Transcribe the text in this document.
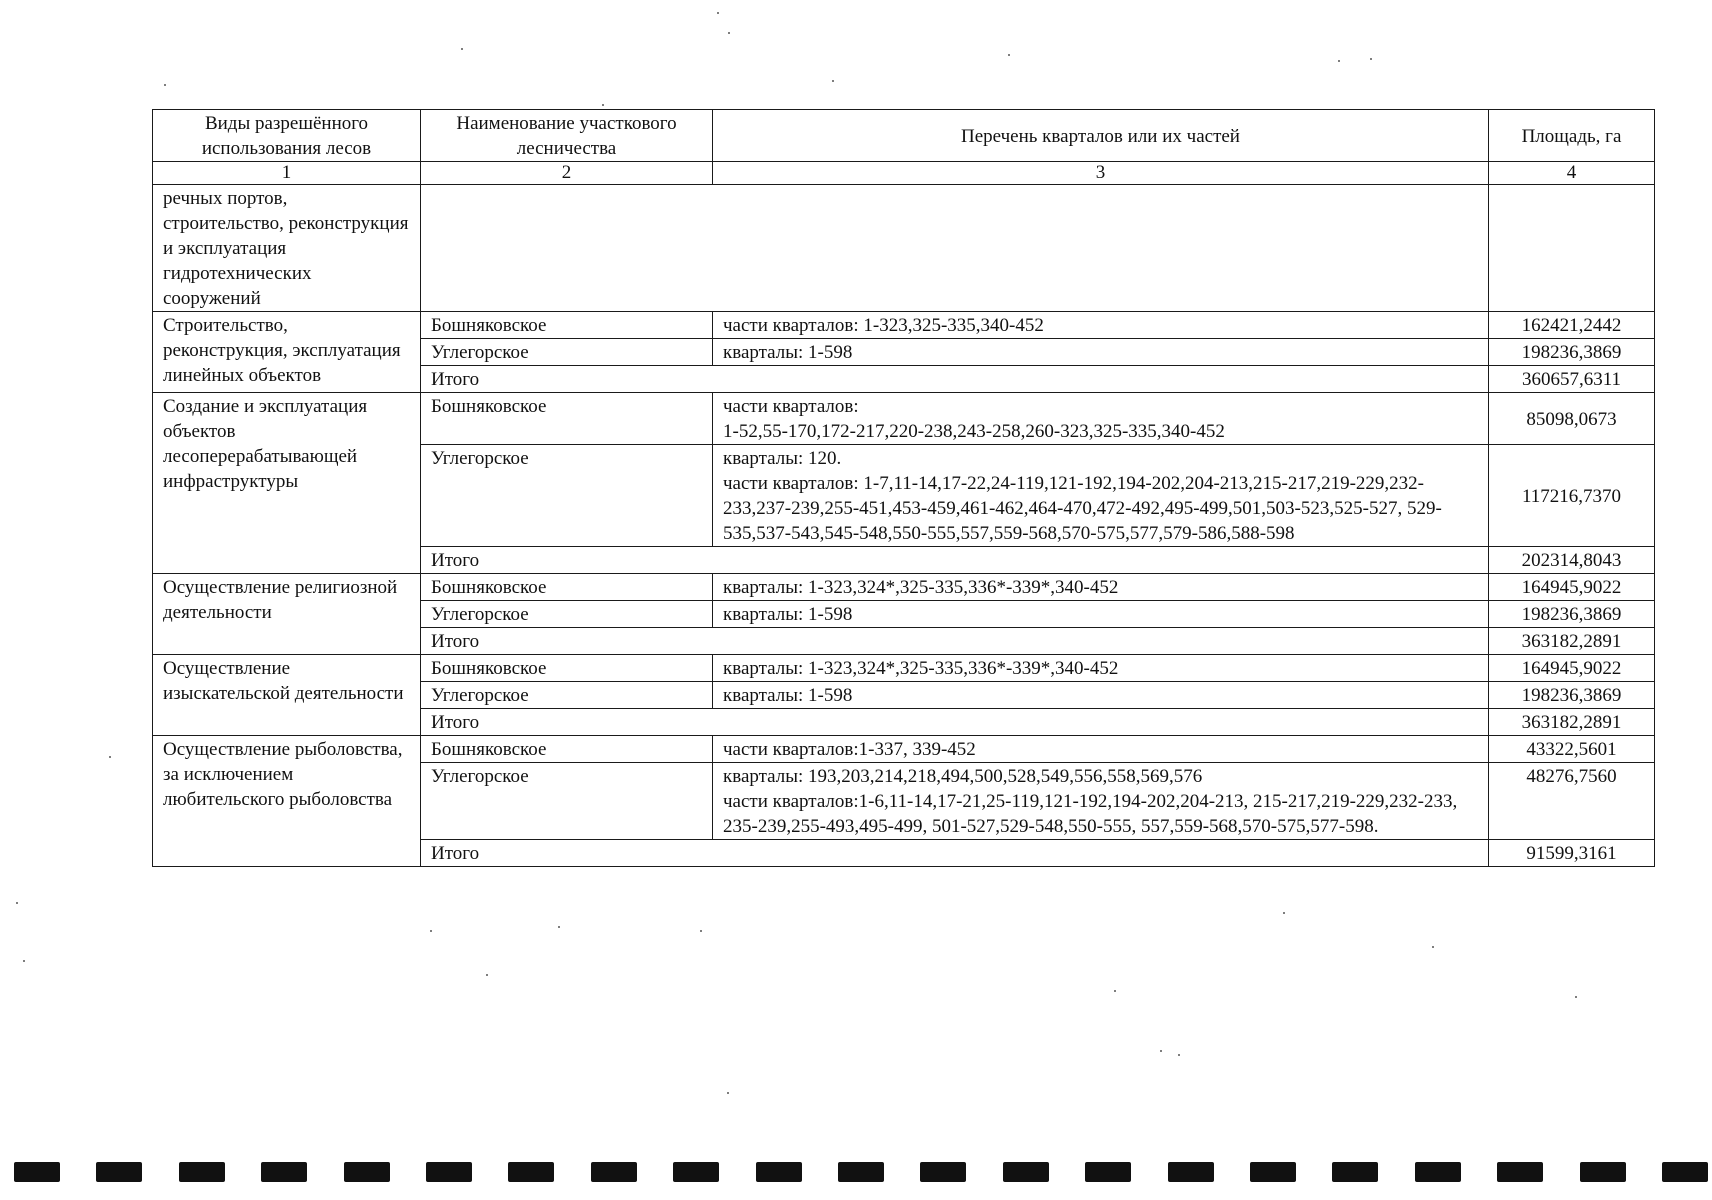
Виды разрешённого использования лесов	Наименование участкового лесничества	Перечень кварталов или их частей	Площадь, га
1	2	3	4
речных портов, строительство, реконструкция и эксплуатация гидротехнических сооружений			
Строительство, реконструкция, эксплуатация линейных объектов	Бошняковское	части кварталов: 1-323,325-335,340-452	162421,2442
	Углегорское	кварталы: 1-598	198236,3869
	Итого		360657,6311
Создание и эксплуатация объектов лесоперерабатывающей инфраструктуры	Бошняковское	части кварталов:
1-52,55-170,172-217,220-238,243-258,260-323,325-335,340-452	85098,0673
	Углегорское	кварталы: 120.
части кварталов: 1-7,11-14,17-22,24-119,121-192,194-202,204-213,215-217,219-229,232-233,237-239,255-451,453-459,461-462,464-470,472-492,495-499,501,503-523,525-527, 529-535,537-543,545-548,550-555,557,559-568,570-575,577,579-586,588-598	117216,7370
	Итого		202314,8043
Осуществление религиозной деятельности	Бошняковское	кварталы: 1-323,324*,325-335,336*-339*,340-452	164945,9022
	Углегорское	кварталы: 1-598	198236,3869
	Итого		363182,2891
Осуществление изыскательской деятельности	Бошняковское	кварталы: 1-323,324*,325-335,336*-339*,340-452	164945,9022
	Углегорское	кварталы: 1-598	198236,3869
	Итого		363182,2891
Осуществление рыболовства, за исключением любительского рыболовства	Бошняковское	части кварталов:1-337, 339-452	43322,5601
	Углегорское	кварталы: 193,203,214,218,494,500,528,549,556,558,569,576
части кварталов:1-6,11-14,17-21,25-119,121-192,194-202,204-213, 215-217,219-229,232-233, 235-239,255-493,495-499, 501-527,529-548,550-555, 557,559-568,570-575,577-598.	48276,7560
	Итого		91599,3161
